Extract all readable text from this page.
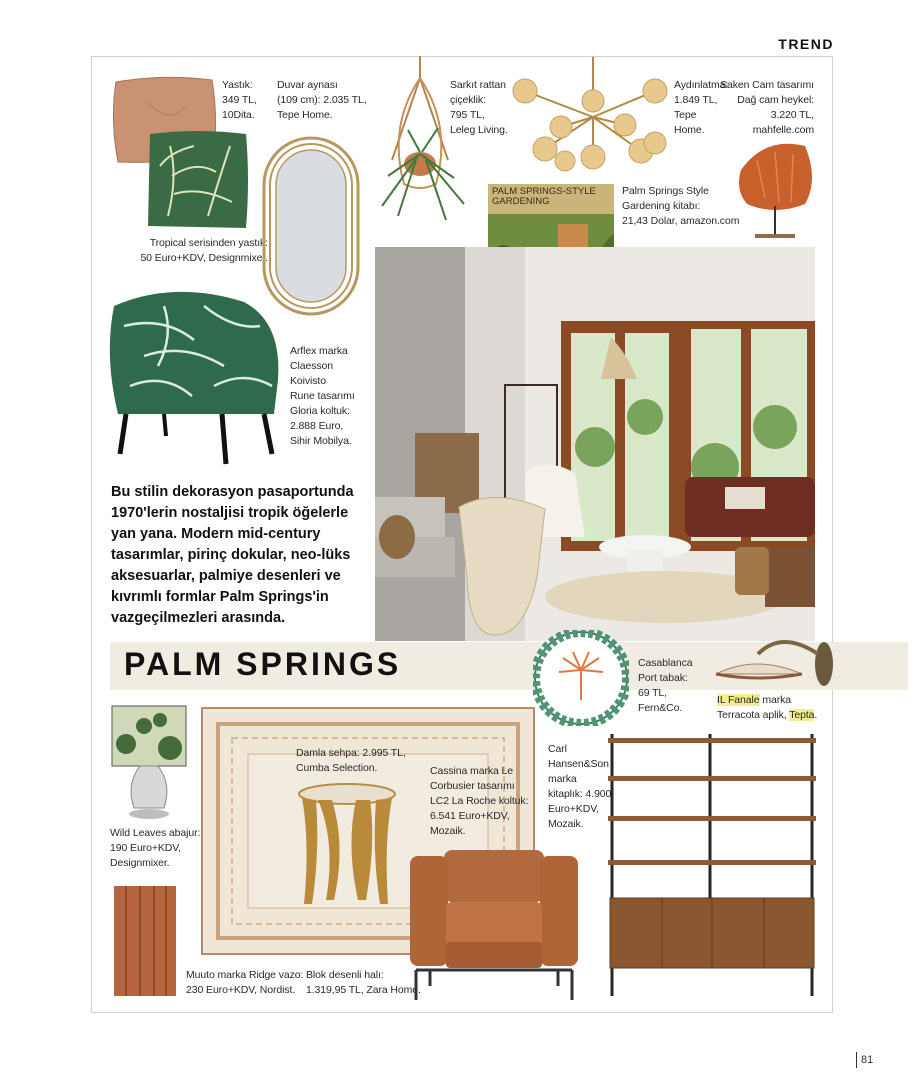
TREND
Yastık:
349 TL,
10Dita.
Tropical serisinden yastık:
50 Euro+KDV, Designmixer.
Duvar aynası
(109 cm): 2.035 TL,
Tepe Home.
Sarkıt rattan
çiçeklik:
795 TL,
Leleg Living.
Aydınlatma:
1.849 TL,
Tepe
Home.
Saken Cam tasarımı
Dağ cam heykel:
3.220 TL,
mahfelle.com
PALM SPRINGS-STYLE GARDENING
Palm Springs Style
Gardening kitabı:
21,43 Dolar, amazon.com
Arflex marka
Claesson
Koivisto
Rune tasarımı
Gloria koltuk:
2.888 Euro,
Sihir Mobilya.
Bu stilin dekorasyon pasaportunda 1970'lerin nostaljisi tropik öğelerle yan yana. Modern mid-century tasarımlar, pirinç dokular, neo-lüks aksesuarlar, palmiye desenleri ve kıvrımlı formlar Palm Springs'in vazgeçilmezleri arasında.
PALM SPRINGS	Casablanca
Port tabak:
69 TL,
Fern&Co.
IL Fanale marka
Terracota aplik, Tepta.
Carl
Hansen&Son
marka
kitaplık: 4.900
Euro+KDV,
Mozaik.
Wild Leaves abajur:
190 Euro+KDV,
Designmixer.
Muuto marka Ridge vazo:
230 Euro+KDV, Nordist.
Damla sehpa: 2.995 TL,
Cumba Selection.	Cassina marka Le
Corbusier tasarımı
LC2 La Roche koltuk:
6.541 Euro+KDV,
Mozaik.
Blok desenli halı:
1.319,95 TL, Zara Home.
81
